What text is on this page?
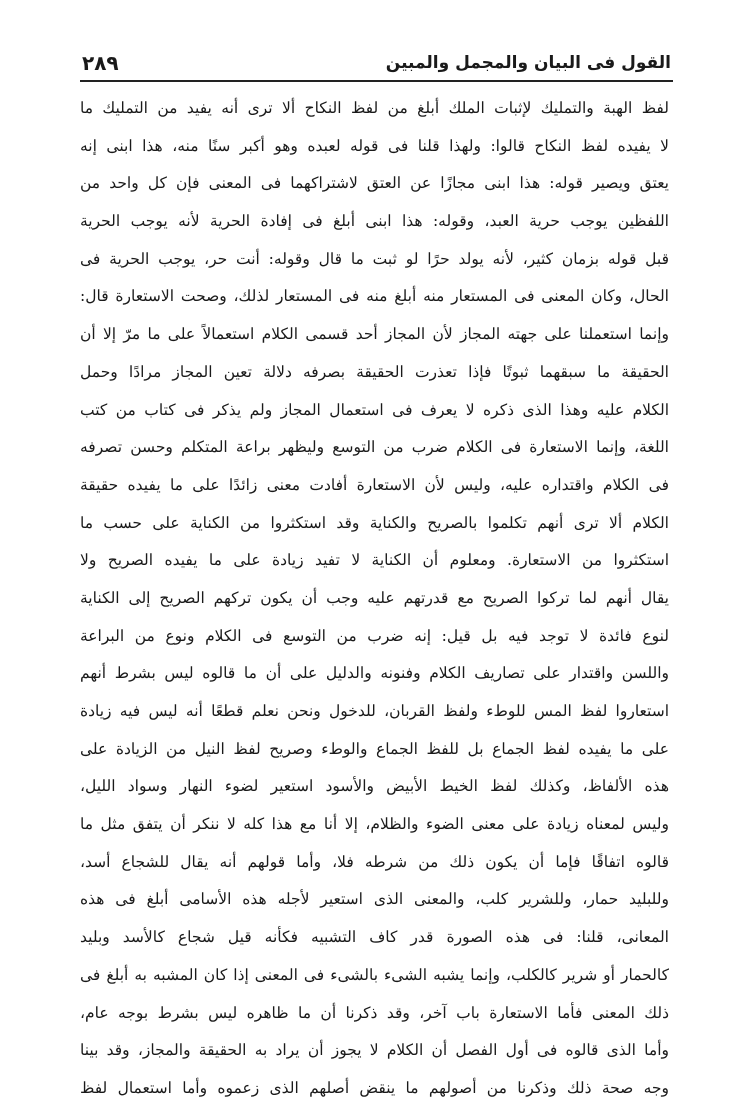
القول فى البيان والمجمل والمبين
٢٨٩
لفظ الهبة والتمليك لإثبات الملك أبلغ من لفظ النكاح ألا ترى أنه يفيد من التمليك ما
لا يفيده لفظ النكاح قالوا: ولهذا قلنا فى قوله لعبده وهو أكبر سنًا منه، هذا ابنى إنه
يعتق ويصير قوله: هذا ابنى مجازًا عن العتق لاشتراكهما فى المعنى فإن كل واحد من
اللفظين يوجب حرية العبد، وقوله: هذا ابنى أبلغ فى إفادة الحرية لأنه يوجب الحرية
قبل قوله بزمان كثير، لأنه يولد حرًا لو ثبت ما قال وقوله: أنت حر، يوجب الحرية فى
الحال، وكان المعنى فى المستعار منه أبلغ منه فى المستعار لذلك، وصحت الاستعارة قال:
وإنما استعملنا على جهته المجاز لأن المجاز أحد قسمى الكلام استعمالاً على ما مرّ إلا أن
الحقيقة ما سبقهما ثبوتًا فإذا تعذرت الحقيقة بصرفه دلالة تعين المجاز مرادًا وحمل
الكلام عليه وهذا الذى ذكره لا يعرف فى استعمال المجاز ولم يذكر فى كتاب من كتب
اللغة، وإنما الاستعارة فى الكلام ضرب من التوسع وليظهر براعة المتكلم وحسن تصرفه
فى الكلام واقتداره عليه، وليس لأن الاستعارة أفادت معنى زائدًا على ما يفيده حقيقة
الكلام ألا ترى أنهم تكلموا بالصريح والكناية وقد استكثروا من الكناية على حسب ما
استكثروا من الاستعارة. ومعلوم أن الكناية لا تفيد زيادة على ما يفيده الصريح ولا
يقال أنهم لما تركوا الصريح مع قدرتهم عليه وجب أن يكون تركهم الصريح إلى الكناية
لنوع فائدة لا توجد فيه بل قيل: إنه ضرب من التوسع فى الكلام ونوع من البراعة
واللسن واقتدار على تصاريف الكلام وفنونه والدليل على أن ما قالوه ليس بشرط أنهم
استعاروا لفظ المس للوطء ولفظ القربان، للدخول ونحن نعلم قطعًا أنه ليس فيه زيادة
على ما يفيده لفظ الجماع بل للفظ الجماع والوطء وصريح لفظ النيل من الزيادة على
هذه الألفاظ، وكذلك لفظ الخيط الأبيض والأسود استعير لضوء النهار وسواد الليل،
وليس لمعناه زيادة على معنى الضوء والظلام، إلا أنا مع هذا كله لا ننكر أن يتفق مثل ما
قالوه اتفاقًا فإما أن يكون ذلك من شرطه فلا، وأما قولهم أنه يقال للشجاع أسد،
وللبليد حمار، وللشرير كلب، والمعنى الذى استعير لأجله هذه الأسامى أبلغ فى هذه
المعانى، قلنا: فى هذه الصورة قدر كاف التشبيه فكأنه قيل شجاع كالأسد وبليد
كالحمار أو شرير كالكلب، وإنما يشبه الشىء بالشىء فى المعنى إذا كان المشبه به أبلغ فى
ذلك المعنى فأما الاستعارة باب آخر، وقد ذكرنا أن ما ظاهره ليس بشرط بوجه عام،
وأما الذى قالوه فى أول الفصل أن الكلام لا يجوز أن يراد به الحقيقة والمجاز، وقد بينا
وجه صحة ذلك وذكرنا من أصولهم ما ينقض أصلهم الذى زعموه وأما استعمال لفظ
